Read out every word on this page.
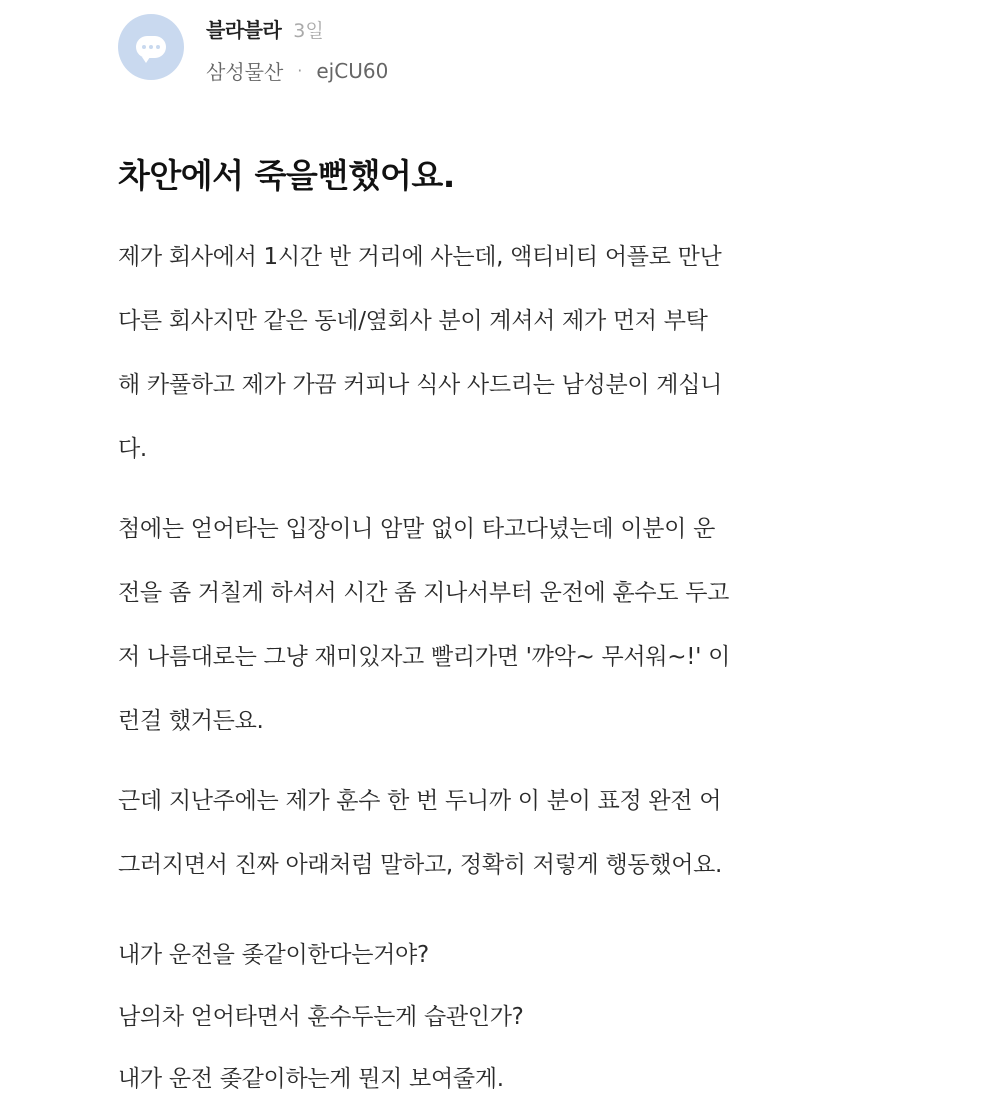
블라블라 3일
삼성물산 · ejCU60
차안에서 죽을뻔했어요.
제가 회사에서 1시간 반 거리에 사는데, 액티비티 어플로 만난
다른 회사지만 같은 동네/옆회사 분이 계셔서 제가 먼저 부탁
해 카풀하고 제가 가끔 커피나 식사 사드리는 남성분이 계십니
다.
첨에는 얻어타는 입장이니 암말 없이 타고다녔는데 이분이 운
전을 좀 거칠게 하셔서 시간 좀 지나서부터 운전에 훈수도 두고
저 나름대로는 그냥 재미있자고 빨리가면 '꺄악~ 무서워~!' 이
런걸 했거든요.
근데 지난주에는 제가 훈수 한 번 두니까 이 분이 표정 완전 어
그러지면서 진짜 아래처럼 말하고, 정확히 저렇게 행동했어요.
내가 운전을 좆같이한다는거야?
남의차 얻어타면서 훈수두는게 습관인가?
내가 운전 좆같이하는게 뭔지 보여줄게.
